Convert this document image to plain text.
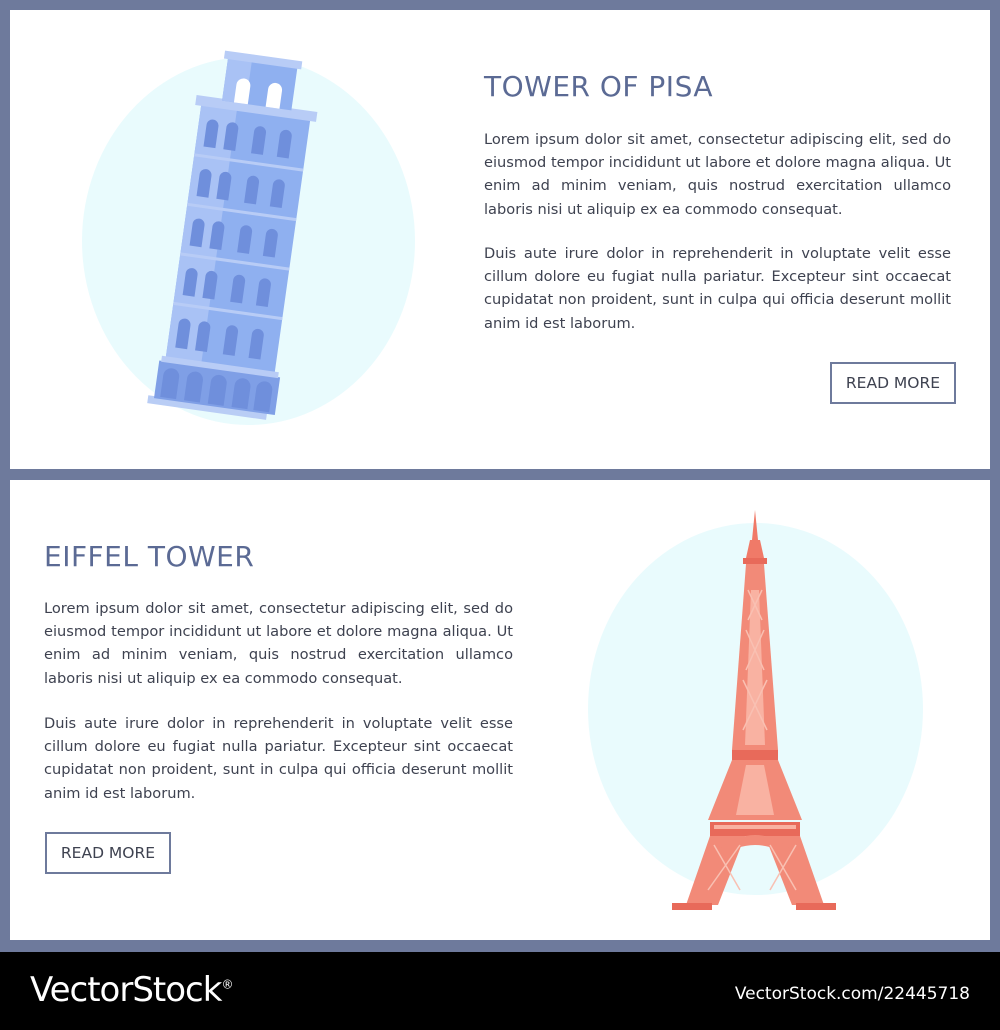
TOWER OF PISA

Lorem ipsum dolor sit amet, consectetur adipiscing elit, sed do eiusmod tempor incididunt ut labore et dolore magna aliqua. Ut enim ad minim veniam, quis nostrud exercitation ullamco laboris nisi ut aliquip ex ea commodo consequat.

Duis aute irure dolor in reprehenderit in voluptate velit esse cillum dolore eu fugiat nulla pariatur. Excepteur sint occaecat cupidatat non proident, sunt in culpa qui officia deserunt mollit anim id est laborum.

READ MORE
EIFFEL TOWER

Lorem ipsum dolor sit amet, consectetur adipiscing elit, sed do eiusmod tempor incididunt ut labore et dolore magna aliqua. Ut enim ad minim veniam, quis nostrud exercitation ullamco laboris nisi ut aliquip ex ea commodo consequat.

Duis aute irure dolor in reprehenderit in voluptate velit esse cillum dolore eu fugiat nulla pariatur. Excepteur sint occaecat cupidatat non proident, sunt in culpa qui officia deserunt mollit anim id est laborum.

READ MORE
VectorStock®	VectorStock.com/22445718
